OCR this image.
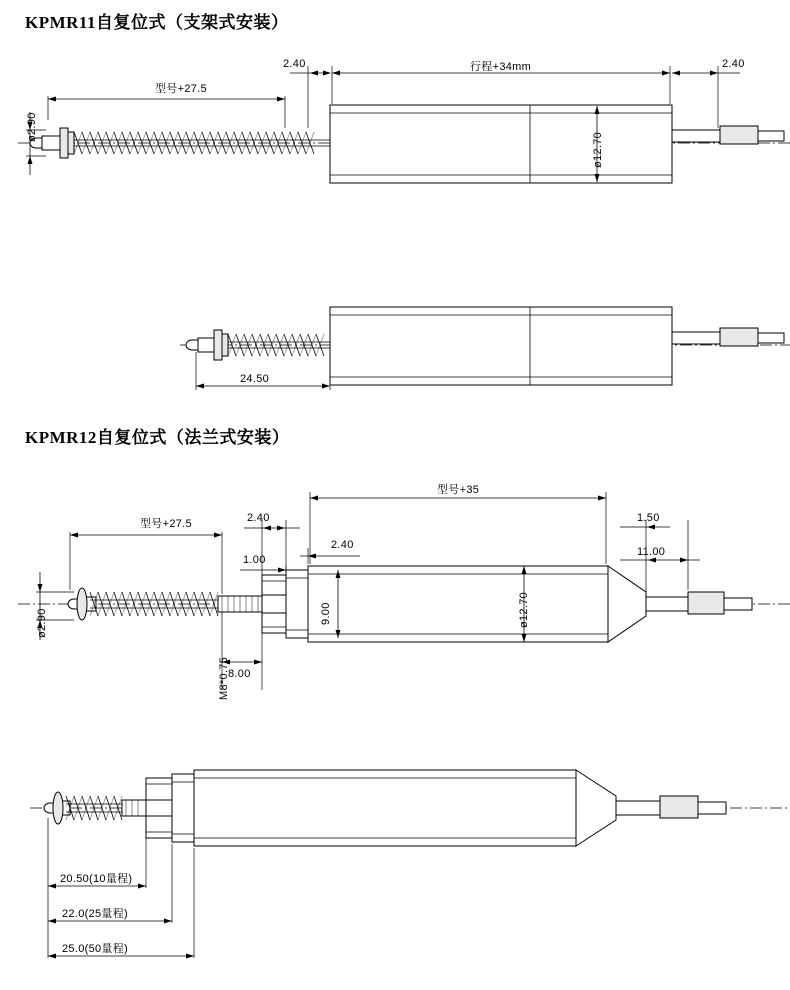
KPMR11自复位式（支架式安装）
KPMR12自复位式（法兰式安装）
型号+27.5
ø2.90
2.40	行程+34mm	2.40
ø12.70
24.50
型号+27.5
ø2.90
2.40
型号+35
2.40
1.00
1.50
11.00
9.00	ø12.70
M8*0.75
8.00
20.50(10量程)
22.0(25量程)
25.0(50量程)
